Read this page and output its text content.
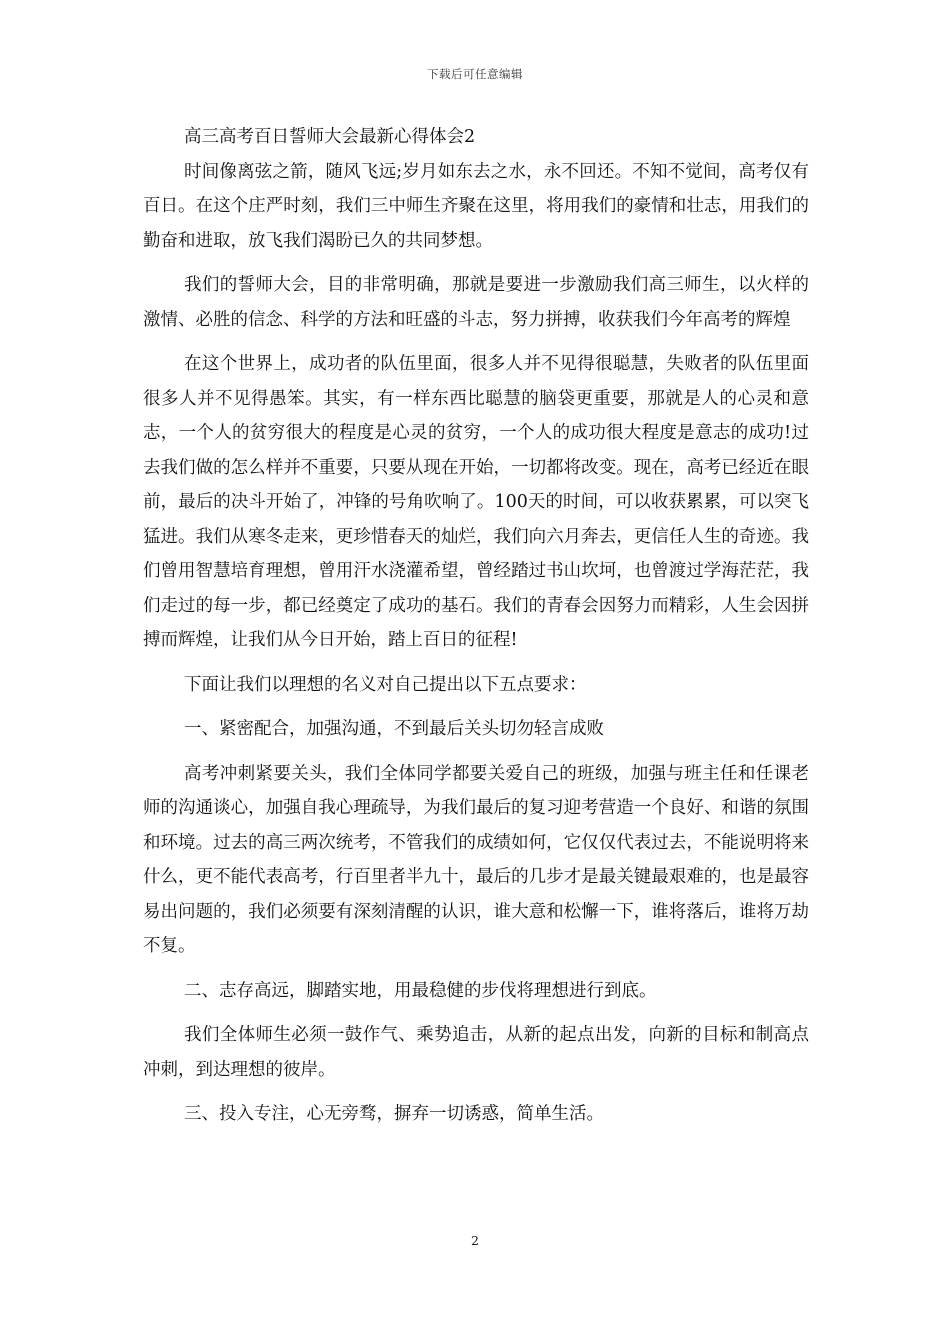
下载后可任意编辑

高三高考百日誓师大会最新心得体会2

时间像离弦之箭，随风飞远;岁月如东去之水，永不回还。不知不觉间，高考仅有百日。在这个庄严时刻，我们三中师生齐聚在这里，将用我们的豪情和壮志，用我们的勤奋和进取，放飞我们渴盼已久的共同梦想。

我们的誓师大会，目的非常明确，那就是要进一步激励我们高三师生，以火样的激情、必胜的信念、科学的方法和旺盛的斗志，努力拼搏，收获我们今年高考的辉煌

在这个世界上，成功者的队伍里面，很多人并不见得很聪慧，失败者的队伍里面很多人并不见得愚笨。其实，有一样东西比聪慧的脑袋更重要，那就是人的心灵和意志，一个人的贫穷很大的程度是心灵的贫穷，一个人的成功很大程度是意志的成功!过去我们做的怎么样并不重要，只要从现在开始，一切都将改变。现在，高考已经近在眼前，最后的决斗开始了，冲锋的号角吹响了。100天的时间，可以收获累累，可以突飞猛进。我们从寒冬走来，更珍惜春天的灿烂，我们向六月奔去，更信任人生的奇迹。我们曾用智慧培育理想，曾用汗水浇灌希望，曾经踏过书山坎坷，也曾渡过学海茫茫，我们走过的每一步，都已经奠定了成功的基石。我们的青春会因努力而精彩，人生会因拼搏而辉煌，让我们从今日开始，踏上百日的征程!

下面让我们以理想的名义对自己提出以下五点要求：

一、紧密配合，加强沟通，不到最后关头切勿轻言成败

高考冲刺紧要关头，我们全体同学都要关爱自己的班级，加强与班主任和任课老师的沟通谈心，加强自我心理疏导，为我们最后的复习迎考营造一个良好、和谐的氛围和环境。过去的高三两次统考，不管我们的成绩如何，它仅仅代表过去，不能说明将来什么，更不能代表高考，行百里者半九十，最后的几步才是最关键最艰难的，也是最容易出问题的，我们必须要有深刻清醒的认识，谁大意和松懈一下，谁将落后，谁将万劫不复。

二、志存高远，脚踏实地，用最稳健的步伐将理想进行到底。

我们全体师生必须一鼓作气、乘势追击，从新的起点出发，向新的目标和制高点冲刺，到达理想的彼岸。

三、投入专注，心无旁骛，摒弃一切诱惑，简单生活。

2
